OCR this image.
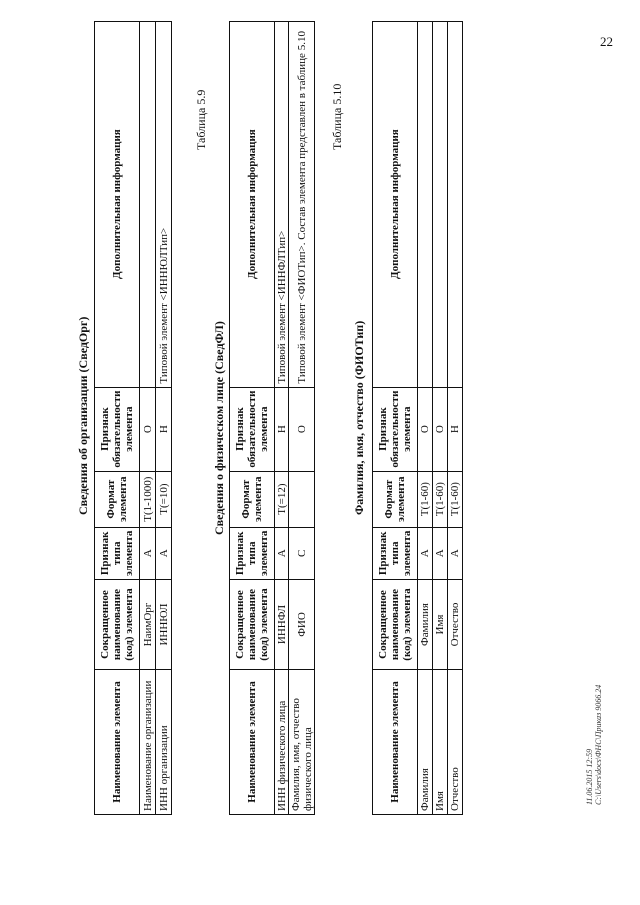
22
Сведения об организации (СведОрг)
Наименование элемента	Сокращенное наименование (код) элемента	Признак типа элемента	Формат элемента	Признак обязательности элемента	Дополнительная информация
Наименование организации	НаимОрг	А	T(1-1000)	О	
ИНН организации	ИННЮЛ	А	T(=10)	Н	Типовой элемент <ИННЮЛТип>
Таблица 5.9
Сведения о физическом лице (СведФЛ)
Наименование элемента	Сокращенное наименование (код) элемента	Признак типа элемента	Формат элемента	Признак обязательности элемента	Дополнительная информация
ИНН физического лица	ИННФЛ	А	T(=12)	Н	Типовой элемент <ИННФЛТип>
Фамилия, имя, отчество физического лица	ФИО	С		О	Типовой элемент <ФИОТип>. Состав элемента представлен в таблице 5.10 Таблица 5.10
Фамилия, имя, отчество (ФИОТип)
Наименование элемента	Сокращенное наименование (код) элемента	Признак типа элемента	Формат элемента	Признак обязательности элемента	Дополнительная информация
Фамилия	Фамилия	А	T(1-60)	О	
Имя	Имя	А	T(1-60)	О	
Отчество	Отчество	А	T(1-60)	Н	
11.06.2015 12:59 C:\Users\docs\ФНС\Приказ 9066.24
